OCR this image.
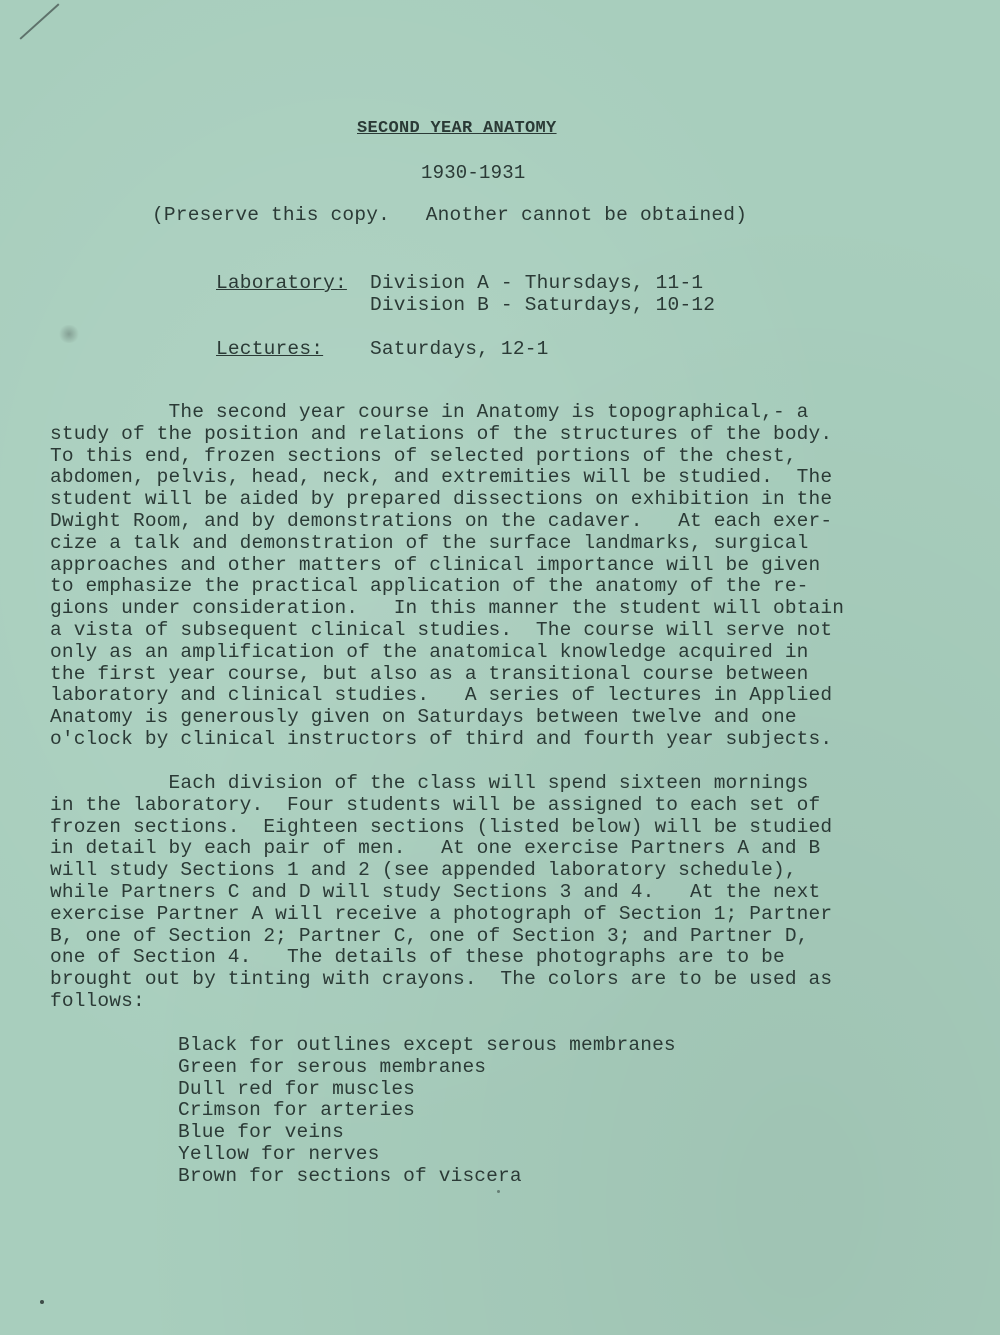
SECOND YEAR ANATOMY
1930-1931
(Preserve this copy.   Another cannot be obtained)
Laboratory: Division A - Thursdays, 11-1
Division B - Saturdays, 10-12
Lectures: Saturdays, 12-1
The second year course in Anatomy is topographical,- a
study of the position and relations of the structures of the body.
To this end, frozen sections of selected portions of the chest,
abdomen, pelvis, head, neck, and extremities will be studied.  The
student will be aided by prepared dissections on exhibition in the
Dwight Room, and by demonstrations on the cadaver.   At each exer-
cize a talk and demonstration of the surface landmarks, surgical
approaches and other matters of clinical importance will be given
to emphasize the practical application of the anatomy of the re-
gions under consideration.   In this manner the student will obtain
a vista of subsequent clinical studies.  The course will serve not
only as an amplification of the anatomical knowledge acquired in
the first year course, but also as a transitional course between
laboratory and clinical studies.   A series of lectures in Applied
Anatomy is generously given on Saturdays between twelve and one
o'clock by clinical instructors of third and fourth year subjects.
Each division of the class will spend sixteen mornings
in the laboratory.  Four students will be assigned to each set of
frozen sections.  Eighteen sections (listed below) will be studied
in detail by each pair of men.   At one exercise Partners A and B
will study Sections 1 and 2 (see appended laboratory schedule),
while Partners C and D will study Sections 3 and 4.   At the next
exercise Partner A will receive a photograph of Section 1; Partner
B, one of Section 2; Partner C, one of Section 3; and Partner D,
one of Section 4.   The details of these photographs are to be
brought out by tinting with crayons.  The colors are to be used as
follows:
Black for outlines except serous membranes
Green for serous membranes
Dull red for muscles
Crimson for arteries
Blue for veins
Yellow for nerves
Brown for sections of viscera
